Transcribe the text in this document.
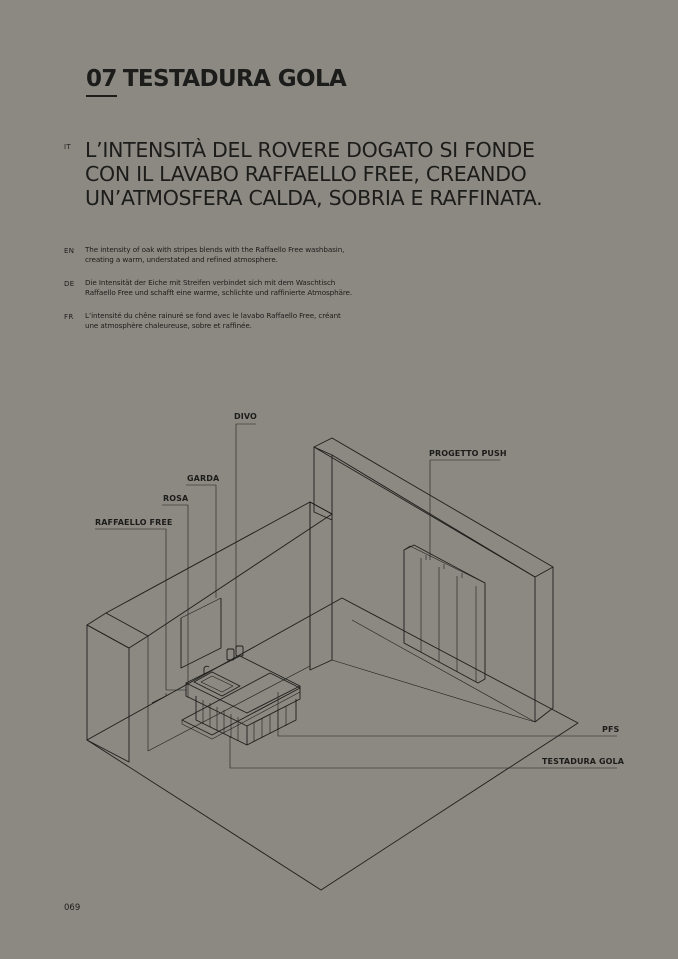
07 TESTADURA GOLA
IT L’INTENSITÀ DEL ROVERE DOGATO SI FONDE CON IL LAVABO RAFFAELLO FREE, CREANDO UN’ATMOSFERA CALDA, SOBRIA E RAFFINATA.
EN The intensity of oak with stripes blends with the Raffaello Free washbasin,
creating a warm, understated and refined atmosphere.
DE Die Intensität der Eiche mit Streifen verbindet sich mit dem Waschtisch
Raffaello Free und schafft eine warme, schlichte und raffinierte Atmosphäre.
FR L’intensité du chêne rainuré se fond avec le lavabo Raffaello Free, créant
une atmosphère chaleureuse, sobre et raffinée.
DIVO
GARDA
ROSA
RAFFAELLO FREE
PROGETTO PUSH
PFS
TESTADURA GOLA
069
